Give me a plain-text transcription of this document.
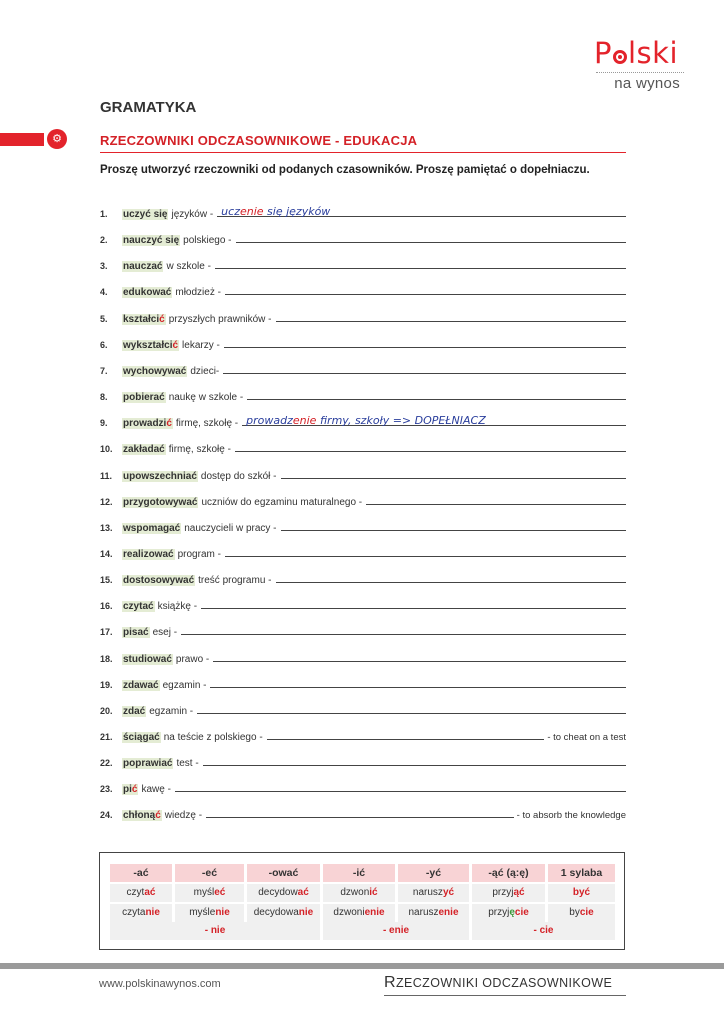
P lski
na wynos
GRAMATYKA
⚙	RZECZOWNIKI ODCZASOWNIKOWE - EDUKACJA
Proszę utworzyć rzeczowniki od podanych czasowników. Proszę pamiętać o dopełniaczu.
1.	uczyć się języków - uczenie się języków
2.	nauczyć się polskiego -
3.	nauczać w szkole -
4.	edukować młodzież -
5.	kształcić przyszłych prawników -
6.	wykształcić lekarzy -
7.	wychowywać dzieci-
8.	pobierać naukę w szkole -
9.	prowadzić firmę, szkołę - prowadzenie firmy, szkoły => DOPEŁNIACZ
10.	zakładać firmę, szkołę -
11.	upowszechniać dostęp do szkół -
12.	przygotowywać uczniów do egzaminu maturalnego -
13.	wspomagać nauczycieli w pracy -
14.	realizować program -
15.	dostosowywać treść programu -
16.	czytać książkę -
17.	pisać esej -
18.	studiować prawo -
19.	zdawać egzamin -
20.	zdać egzamin -
21.	ściągać na teście z polskiego -	- to cheat on a test
22.	poprawiać test -
23.	pić kawę -
24.	chłonąć wiedzę -	- to absorb the knowledge
-ać	-eć	-ować	-ić	-yć	-ąć (ą:ę)	1 sylaba
czytać	myśleć	decydować	dzwonić	naruszyć	przyjąć	być
czytanie	myślenie	decydowanie	dzwonienie	naruszenie	przyjęcie	bycie
- nie	- enie	- cie
www.polskinawynos.com	RZECZOWNIKI ODCZASOWNIKOWE
